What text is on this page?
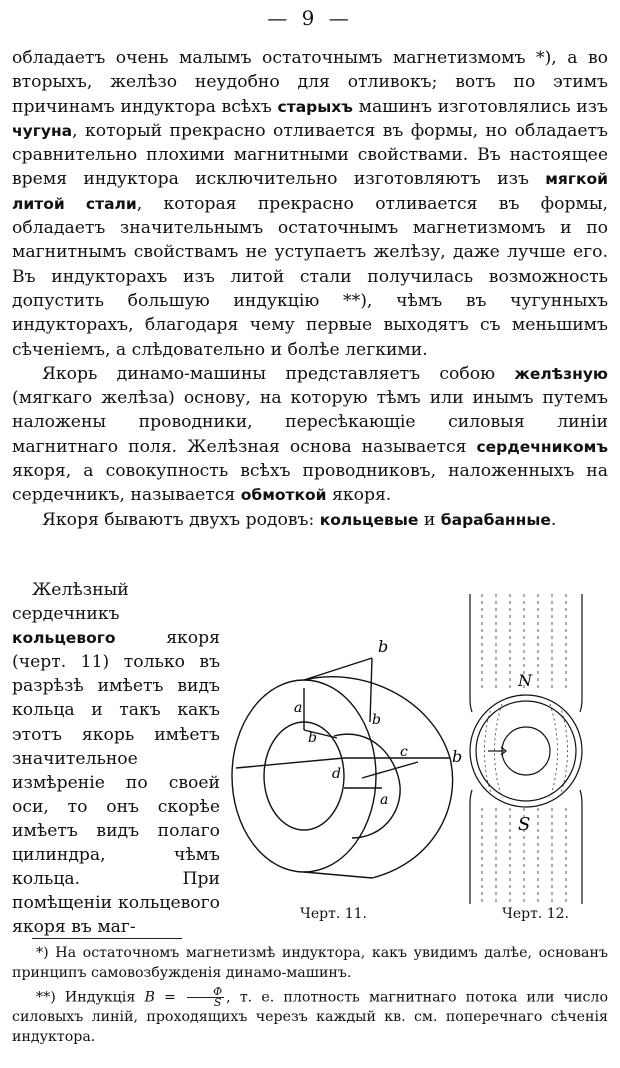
— 9 —

обладаетъ очень малымъ остаточнымъ магнетизмомъ *), а во вторыхъ, желѣзо неудобно для отливокъ; вотъ по этимъ причинамъ индуктора всѣхъ старыхъ машинъ изготовлялись изъ чугуна, который прекрасно отливается въ формы, но обладаетъ сравнительно плохими магнитными свойствами. Въ настоящее время индуктора исключительно изготовляютъ изъ мягкой литой стали, которая прекрасно отливается въ формы, обладаетъ значительнымъ остаточнымъ магнетизмомъ и по магнитнымъ свойствамъ не уступаетъ желѣзу, даже лучше его. Въ индукторахъ изъ литой стали получилась возможность допустить большую индукцію **), чѣмъ въ чугунныхъ индукторахъ, благодаря чему первые выходятъ съ меньшимъ сѣченіемъ, а слѣдовательно и болѣе легкими.

Якорь динамо-машины представляетъ собою желѣзную (мягкаго желѣза) основу, на которую тѣмъ или инымъ путемъ наложены проводники, пересѣкающіе силовыя линіи магнитнаго поля. Желѣзная основа называется сердечникомъ якоря, а совокупность всѣхъ проводниковъ, наложенныхъ на сердечникъ, называется обмоткой якоря.

Якоря бываютъ двухъ родовъ: кольцевые и барабанные.

Желѣзный сердечникъ кольцевого якоря (черт. 11) только въ разрѣзѣ имѣетъ видъ кольца и такъ какъ этотъ якорь имѣетъ значительное измѣреніе по своей оси, то онъ скорѣе имѣетъ видъ полаго цилиндра, чѣмъ кольца. При помѣщеніи кольцевого якоря въ маг-

b
a
b
b
c	b
a
d
N
S
Черт. 11.	Черт. 12.

*) На остаточномъ магнетизмѣ индуктора, какъ увидимъ далѣе, основанъ принципъ самовозбужденія динамо-машинъ.

**) Индукція $B = \frac{\Phi}{S}$ , т. е. плотность магнитнаго потока или число силовыхъ линій, проходящихъ черезъ каждый кв. см. поперечнаго сѣченія индуктора.
